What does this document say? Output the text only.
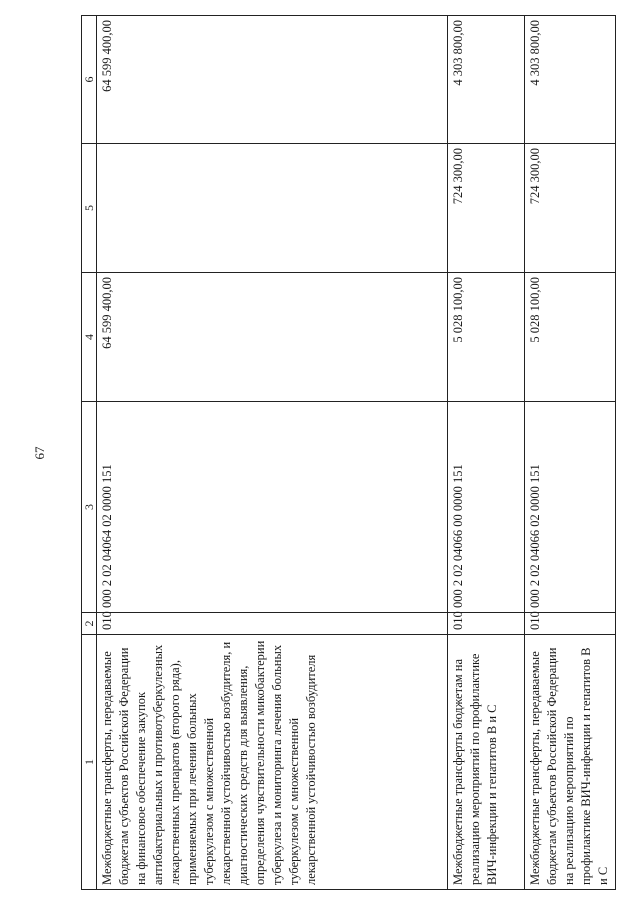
67
1	2	3	4	5	6
Межбюджетные трансферты, передаваемые бюджетам субъектов Российской Федерации на финансовое обеспечение закупок антибактериальных и противотуберкулезных лекарственных препаратов (второго ряда), применяемых при лечении больных туберкулезом с множественной лекарственной устойчивостью возбудителя, и диагностических средств для выявления, определения чувствительности микобактерии туберкулеза и мониторинга лечения больных туберкулезом с множественной лекарственной устойчивостью возбудителя	010	000 2 02 04064 02 0000 151	64 599 400,00		64 599 400,00
Межбюджетные трансферты бюджетам на реализацию мероприятий по профилактике ВИЧ-инфекции и гепатитов В и С	010	000 2 02 04066 00 0000 151	5 028 100,00	724 300,00	4 303 800,00
Межбюджетные трансферты, передаваемые бюджетам субъектов Российской Федерации на реализацию мероприятий по профилактике ВИЧ-инфекции и гепатитов В и С	010	000 2 02 04066 02 0000 151	5 028 100,00	724 300,00	4 303 800,00
